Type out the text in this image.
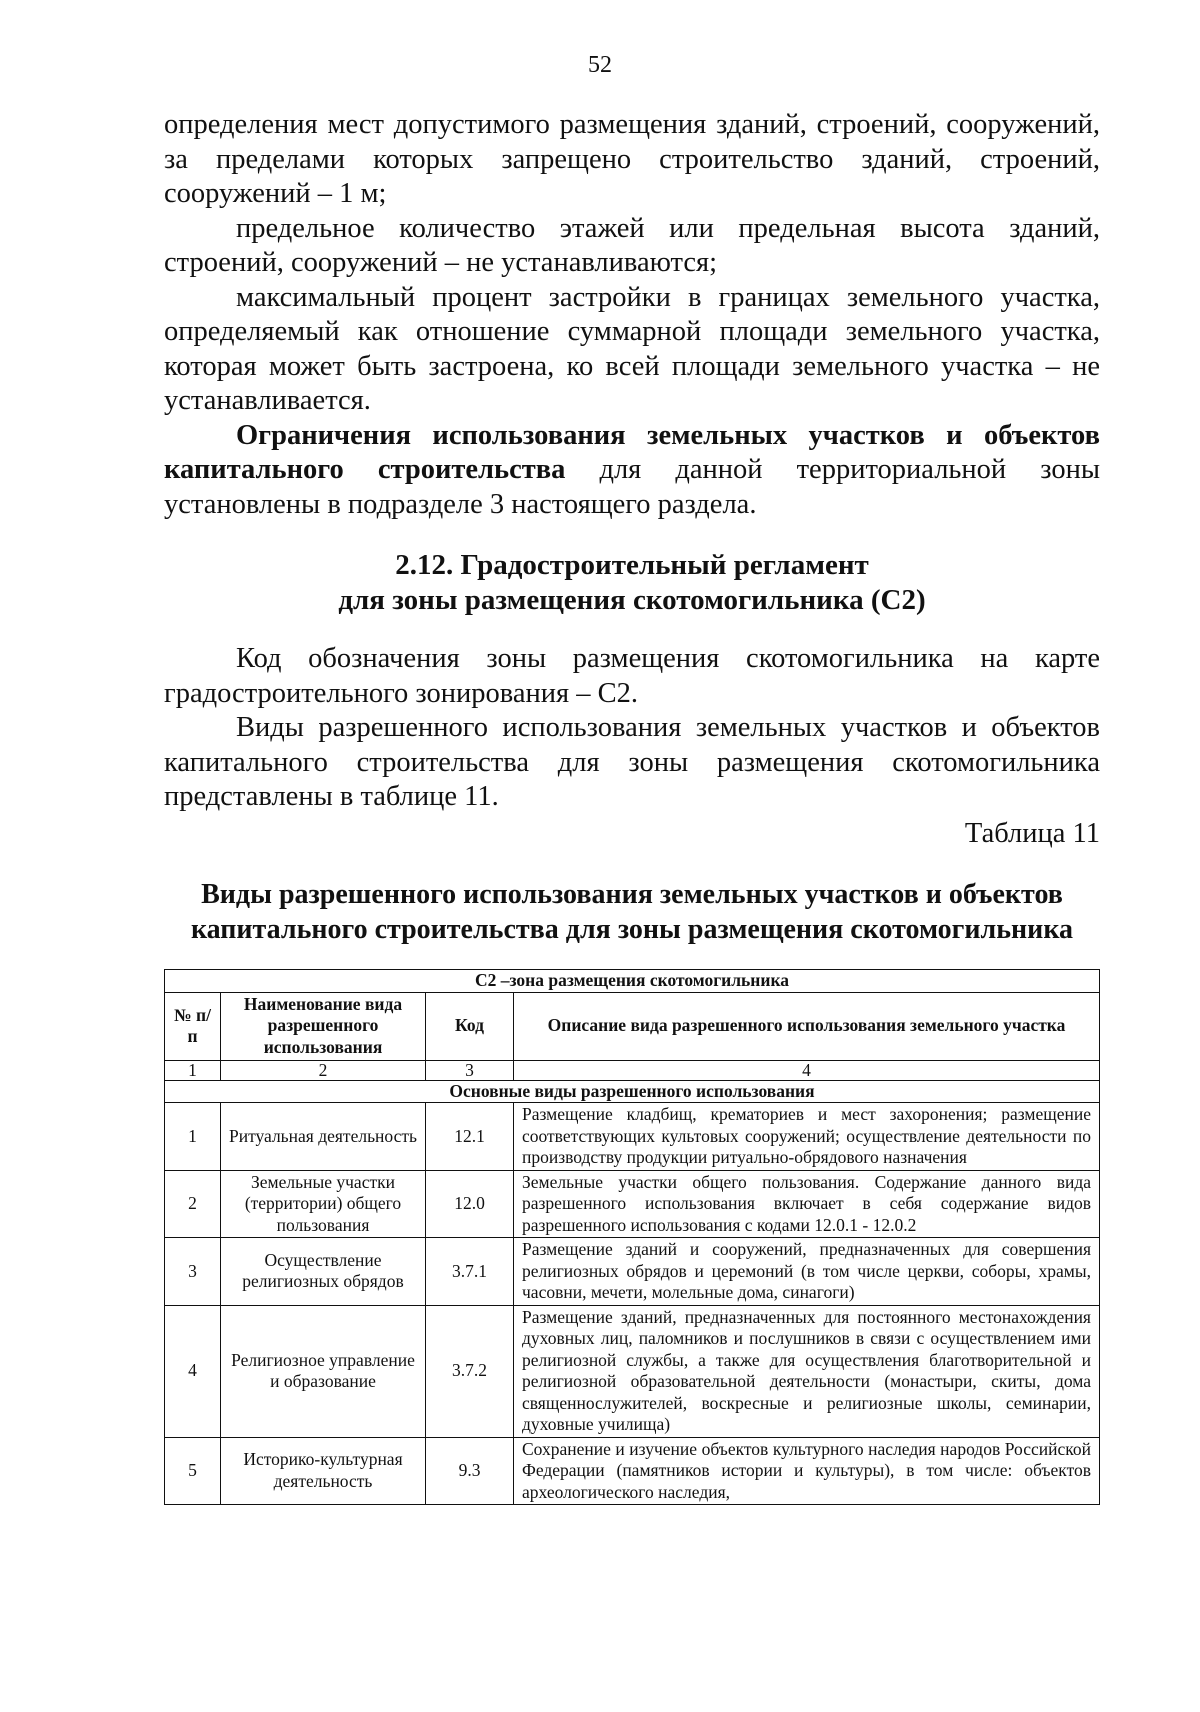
52

определения мест допустимого размещения зданий, строений, сооружений, за пределами которых запрещено строительство зданий, строений, сооружений – 1 м;

предельное количество этажей или предельная высота зданий, строений, сооружений – не устанавливаются;

максимальный процент застройки в границах земельного участка, определяемый как отношение суммарной площади земельного участка, которая может быть застроена, ко всей площади земельного участка – не устанавливается.

Ограничения использования земельных участков и объектов капитального строительства для данной территориальной зоны установлены в подразделе 3 настоящего раздела.

2.12. Градостроительный регламент
для зоны размещения скотомогильника (С2)

Код обозначения зоны размещения скотомогильника на карте градостроительного зонирования – С2.

Виды разрешенного использования земельных участков и объектов капитального строительства для зоны размещения скотомогильника представлены в таблице 11.

Таблица 11
Виды разрешенного использования земельных участков и объектов
капитального строительства для зоны размещения скотомогильника
С2 –зона размещения скотомогильника			
№ п/п	Наименование вида разрешенного использования	Код	Описание вида разрешенного использования земельного участка
1	2	3	4
Основные виды разрешенного использования			
1	Ритуальная деятельность	12.1	Размещение кладбищ, крематориев и мест захоронения; размещение соответствующих культовых сооружений; осуществление деятельности по производству продукции ритуально-обрядового назначения
2	Земельные участки (территории) общего пользования	12.0	Земельные участки общего пользования. Содержание данного вида разрешенного использования включает в себя содержание видов разрешенного использования с кодами 12.0.1 - 12.0.2
3	Осуществление религиозных обрядов	3.7.1	Размещение зданий и сооружений, предназначенных для совершения религиозных обрядов и церемоний (в том числе церкви, соборы, храмы, часовни, мечети, молельные дома, синагоги)
4	Религиозное управление и образование	3.7.2	Размещение зданий, предназначенных для постоянного местонахождения духовных лиц, паломников и послушников в связи с осуществлением ими религиозной службы, а также для осуществления благотворительной и религиозной образовательной деятельности (монастыри, скиты, дома священнослужителей, воскресные и религиозные школы, семинарии, духовные училища)
5	Историко-культурная деятельность	9.3	Сохранение и изучение объектов культурного наследия народов Российской Федерации (памятников истории и культуры), в том числе: объектов археологического наследия,
